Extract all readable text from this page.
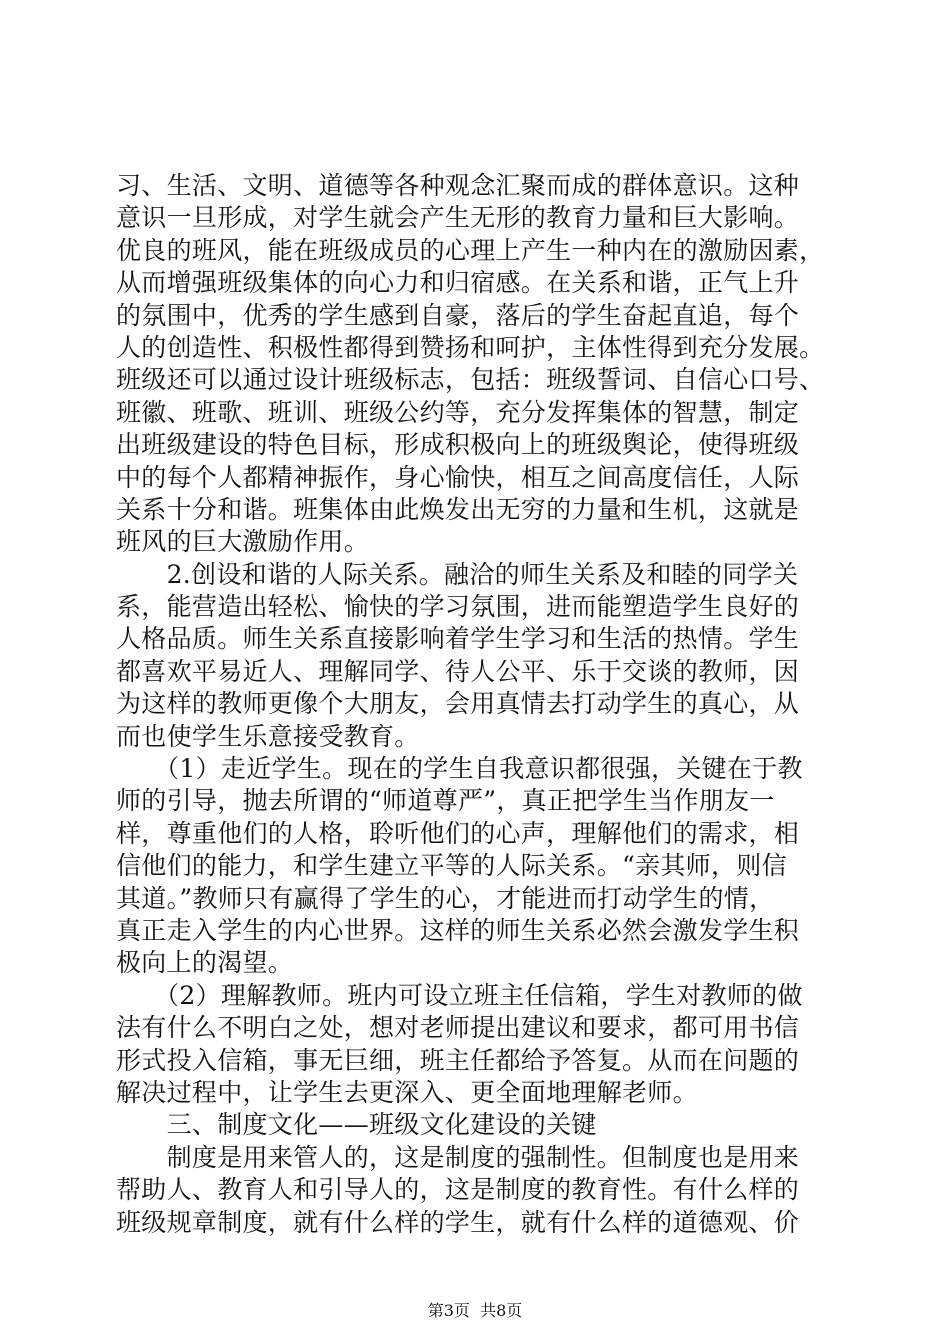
习、生活、文明、道德等各种观念汇聚而成的群体意识。这种
意识一旦形成，对学生就会产生无形的教育力量和巨大影响。
优良的班风，能在班级成员的心理上产生一种内在的激励因素，
从而增强班级集体的向心力和归宿感。在关系和谐，正气上升
的氛围中，优秀的学生感到自豪，落后的学生奋起直追，每个
人的创造性、积极性都得到赞扬和呵护，主体性得到充分发展。
班级还可以通过设计班级标志，包括：班级誓词、自信心口号、
班徽、班歌、班训、班级公约等，充分发挥集体的智慧，制定
出班级建设的特色目标，形成积极向上的班级舆论，使得班级
中的每个人都精神振作，身心愉快，相互之间高度信任，人际
关系十分和谐。班集体由此焕发出无穷的力量和生机，这就是
班风的巨大激励作用。
　　2.创设和谐的人际关系。融洽的师生关系及和睦的同学关
系，能营造出轻松、愉快的学习氛围，进而能塑造学生良好的
人格品质。师生关系直接影响着学生学习和生活的热情。学生
都喜欢平易近人、理解同学、待人公平、乐于交谈的教师，因
为这样的教师更像个大朋友，会用真情去打动学生的真心，从
而也使学生乐意接受教育。
　　（1）走近学生。现在的学生自我意识都很强，关键在于教
师的引导，抛去所谓的“师道尊严”，真正把学生当作朋友一
样，尊重他们的人格，聆听他们的心声，理解他们的需求，相
信他们的能力，和学生建立平等的人际关系。“亲其师，则信
其道。”教师只有赢得了学生的心，才能进而打动学生的情，
真正走入学生的内心世界。这样的师生关系必然会激发学生积
极向上的渴望。
　　（2）理解教师。班内可设立班主任信箱，学生对教师的做
法有什么不明白之处，想对老师提出建议和要求，都可用书信
形式投入信箱，事无巨细，班主任都给予答复。从而在问题的
解决过程中，让学生去更深入、更全面地理解老师。
　　三、制度文化——班级文化建设的关键
　　制度是用来管人的，这是制度的强制性。但制度也是用来
帮助人、教育人和引导人的，这是制度的教育性。有什么样的
班级规章制度，就有什么样的学生，就有什么样的道德观、价
第3页  共8页
